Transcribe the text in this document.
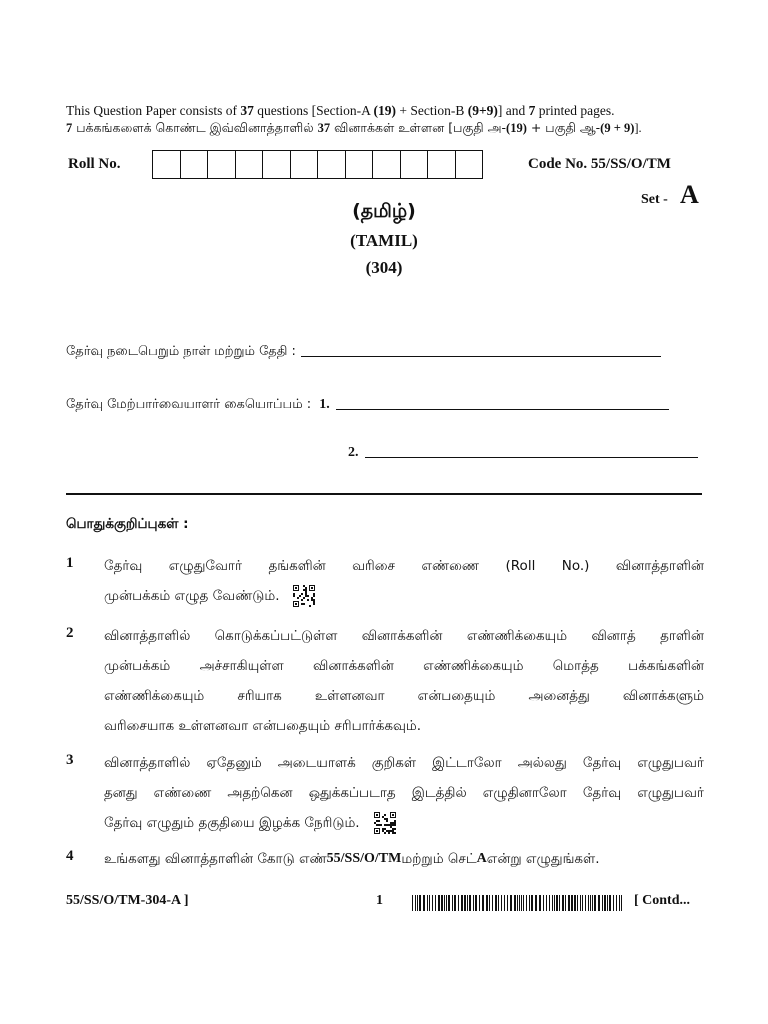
This Question Paper consists of 37 questions [Section-A (19) + Section-B (9+9)] and 7 printed pages.
7 பக்கங்களைக் கொண்ட இவ்வினாத்தாளில் 37 வினாக்கள் உள்ளன [பகுதி அ-(19) + பகுதி ஆ-(9 + 9)].
Roll No.	Code No. 55/SS/O/TM
Set - A
(தமிழ்)
(TAMIL)
(304)
தேர்வு நடைபெறும் நாள் மற்றும் தேதி :
தேர்வு மேற்பார்வையாளர் கையொப்பம் : 1.
2.
பொதுக்குறிப்புகள் :
1 தேர்வு எழுதுவோர் தங்களின் வரிசை எண்ணை (Roll No.) வினாத்தாளின்
முன்பக்கம் எழுத வேண்டும்.
2 வினாத்தாளில் கொடுக்கப்பட்டுள்ள வினாக்களின் எண்ணிக்கையும் வினாத் தாளின்
முன்பக்கம் அச்சாகியுள்ள வினாக்களின் எண்ணிக்கையும் மொத்த பக்கங்களின்
எண்ணிக்கையும் சரியாக உள்ளனவா என்பதையும் அனைத்து வினாக்களும்
வரிசையாக உள்ளனவா என்பதையும் சரிபார்க்கவும்.
3 வினாத்தாளில் ஏதேனும் அடையாளக் குறிகள் இட்டாலோ அல்லது தேர்வு எழுதுபவர்
தனது எண்ணை அதற்கென ஒதுக்கப்படாத இடத்தில் எழுதினாலோ தேர்வு எழுதுபவர்
தேர்வு எழுதும் தகுதியை இழக்க நேரிடும்.
4 உங்களது வினாத்தாளின் கோடு எண் 55/SS/O/TM மற்றும் செட் A என்று எழுதுங்கள்.
55/SS/O/TM-304-A ]	1	[ Contd...
